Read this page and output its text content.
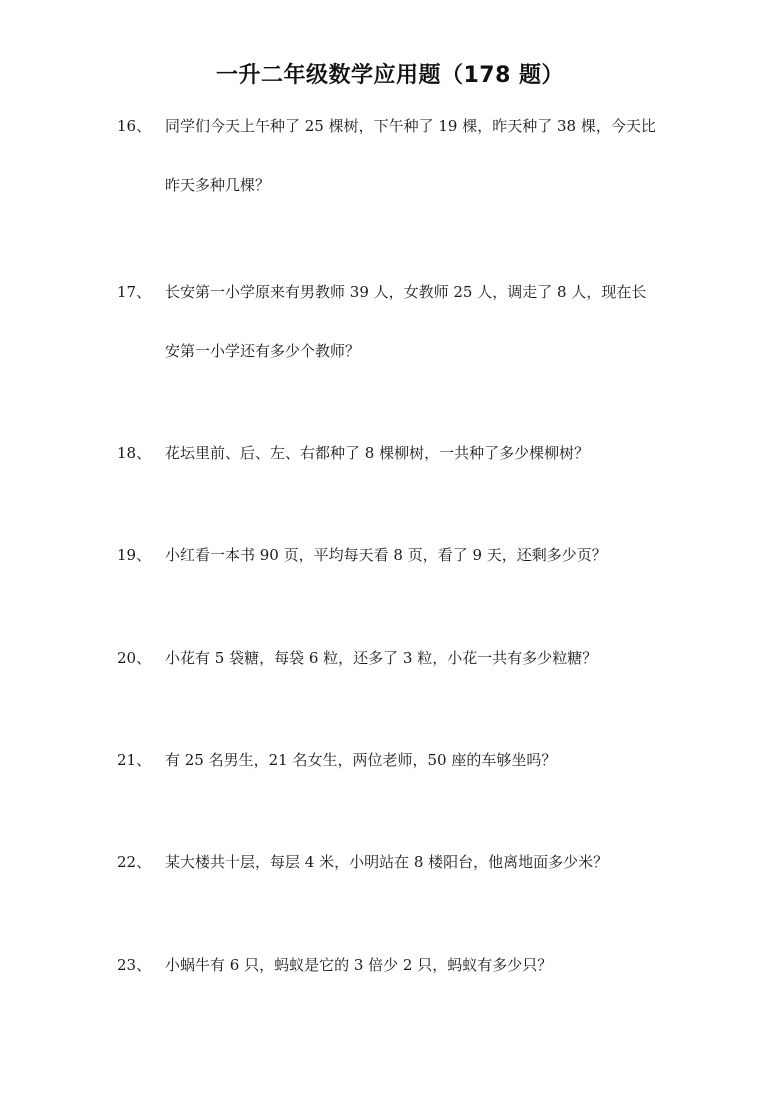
一升二年级数学应用题（178 题）
16、 同学们今天上午种了 25 棵树，下午种了 19 棵，昨天种了 38 棵，今天比
昨天多种几棵？
17、 长安第一小学原来有男教师 39 人，女教师 25 人，调走了 8 人，现在长
安第一小学还有多少个教师？
18、 花坛里前、后、左、右都种了 8 棵柳树，一共种了多少棵柳树？
19、 小红看一本书 90 页，平均每天看 8 页，看了 9 天，还剩多少页？
20、 小花有 5 袋糖，每袋 6 粒，还多了 3 粒，小花一共有多少粒糖？
21、 有 25 名男生，21 名女生，两位老师，50 座的车够坐吗？
22、 某大楼共十层，每层 4 米，小明站在 8 楼阳台，他离地面多少米？
23、 小蜗牛有 6 只，蚂蚁是它的 3 倍少 2 只，蚂蚁有多少只？
